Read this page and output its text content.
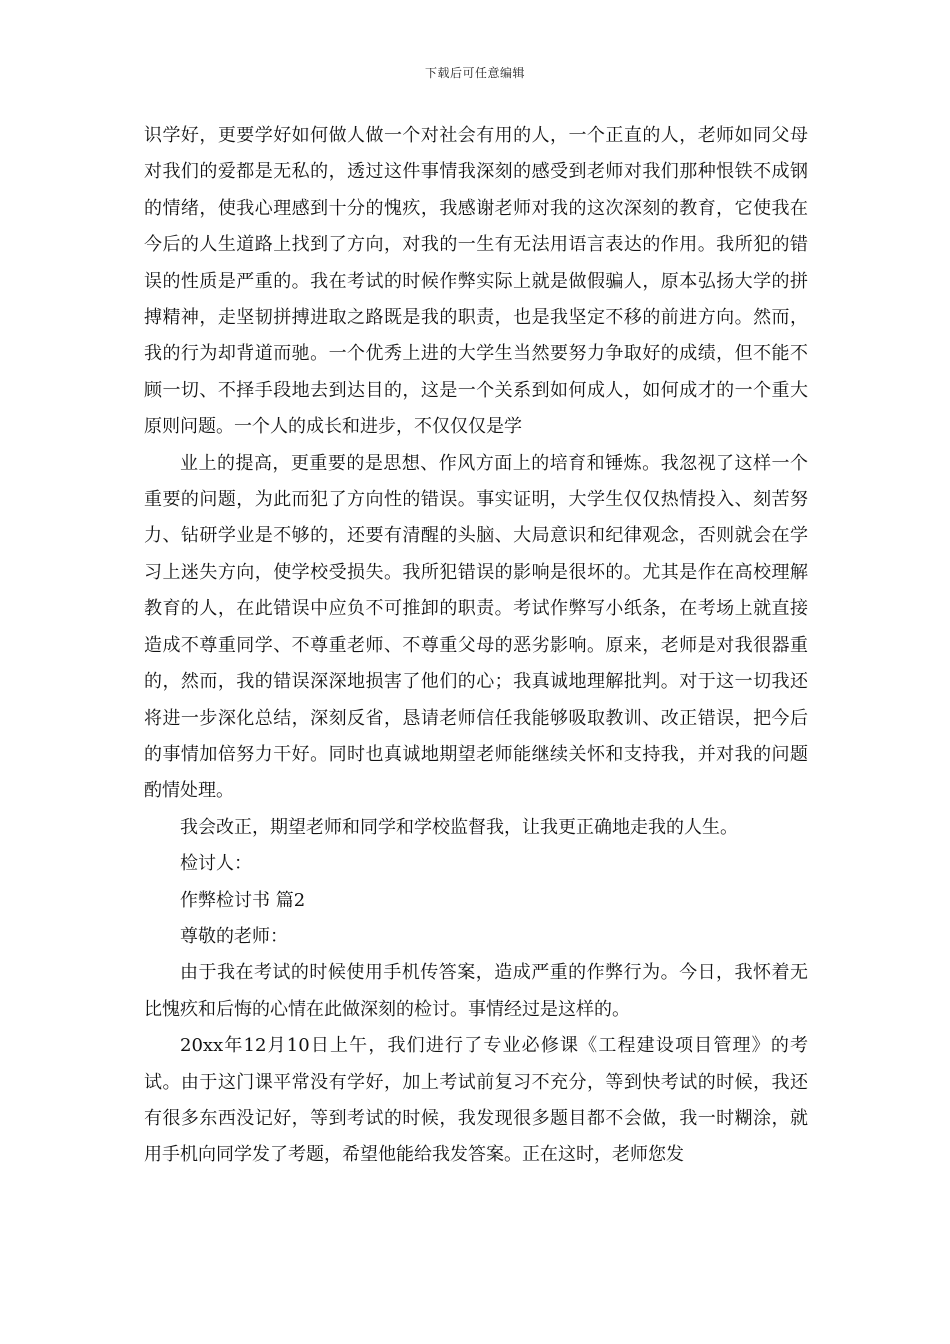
下载后可任意编辑

识学好，更要学好如何做人做一个对社会有用的人，一个正直的人，老师如同父母对我们的爱都是无私的，透过这件事情我深刻的感受到老师对我们那种恨铁不成钢的情绪，使我心理感到十分的愧疚，我感谢老师对我的这次深刻的教育，它使我在今后的人生道路上找到了方向，对我的一生有无法用语言表达的作用。我所犯的错误的性质是严重的。我在考试的时候作弊实际上就是做假骗人，原本弘扬大学的拼搏精神，走坚韧拼搏进取之路既是我的职责，也是我坚定不移的前进方向。然而，我的行为却背道而驰。一个优秀上进的大学生当然要努力争取好的成绩，但不能不顾一切、不择手段地去到达目的，这是一个关系到如何成人，如何成才的一个重大原则问题。一个人的成长和进步，不仅仅仅是学

业上的提高，更重要的是思想、作风方面上的培育和锤炼。我忽视了这样一个重要的问题，为此而犯了方向性的错误。事实证明，大学生仅仅热情投入、刻苦努力、钻研学业是不够的，还要有清醒的头脑、大局意识和纪律观念，否则就会在学习上迷失方向，使学校受损失。我所犯错误的影响是很坏的。尤其是作在高校理解教育的人，在此错误中应负不可推卸的职责。考试作弊写小纸条，在考场上就直接造成不尊重同学、不尊重老师、不尊重父母的恶劣影响。原来，老师是对我很器重的，然而，我的错误深深地损害了他们的心；我真诚地理解批判。对于这一切我还将进一步深化总结，深刻反省，恳请老师信任我能够吸取教训、改正错误，把今后的事情加倍努力干好。同时也真诚地期望老师能继续关怀和支持我，并对我的问题酌情处理。

我会改正，期望老师和同学和学校监督我，让我更正确地走我的人生。

检讨人：

作弊检讨书 篇2

尊敬的老师：

由于我在考试的时候使用手机传答案，造成严重的作弊行为。今日，我怀着无比愧疚和后悔的心情在此做深刻的检讨。事情经过是这样的。

20xx年12月10日上午，我们进行了专业必修课《工程建设项目管理》的考试。由于这门课平常没有学好，加上考试前复习不充分，等到快考试的时候，我还有很多东西没记好，等到考试的时候，我发现很多题目都不会做，我一时糊涂，就用手机向同学发了考题，希望他能给我发答案。正在这时，老师您发
